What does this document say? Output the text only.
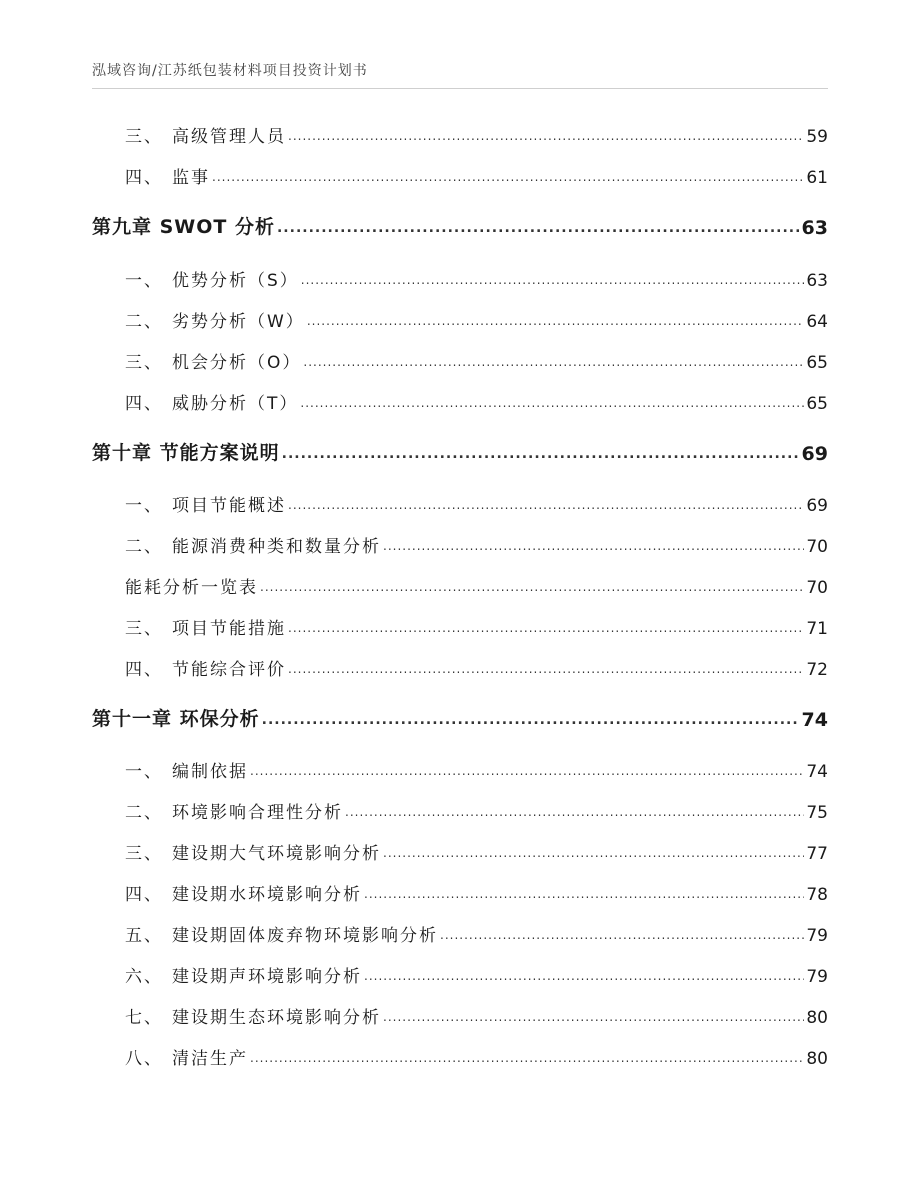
泓域咨询/江苏纸包装材料项目投资计划书
三、 高级管理人员 .....	59
四、 监事 .....	61
第九章 SWOT 分析 .....	63
一、 优势分析（S） .....	63
二、 劣势分析（W） .....	64
三、 机会分析（O） .....	65
四、 威胁分析（T） .....	65
第十章 节能方案说明 .....	69
一、 项目节能概述 .....	69
二、 能源消费种类和数量分析 .....	70
能耗分析一览表 .....	70
三、 项目节能措施 .....	71
四、 节能综合评价 .....	72
第十一章 环保分析 .....	74
一、 编制依据 .....	74
二、 环境影响合理性分析 .....	75
三、 建设期大气环境影响分析 .....	77
四、 建设期水环境影响分析 .....	78
五、 建设期固体废弃物环境影响分析 .....	79
六、 建设期声环境影响分析 .....	79
七、 建设期生态环境影响分析 .....	80
八、 清洁生产 .....	80
